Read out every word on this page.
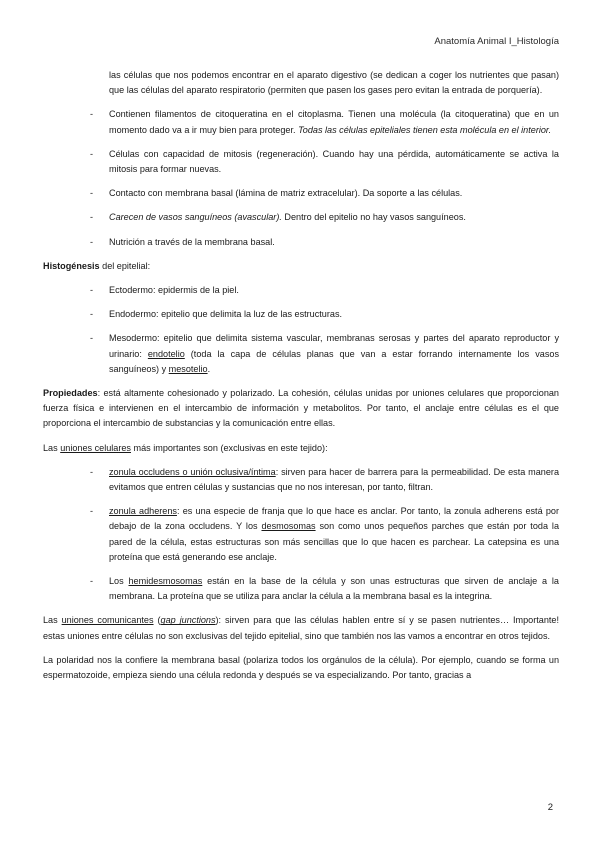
Anatomía Animal I_Histología

las células que nos podemos encontrar en el aparato digestivo (se dedican a coger los nutrientes que pasan) que las células del aparato respiratorio (permiten que pasen los gases pero evitan la entrada de porquería).

- Contienen filamentos de citoqueratina en el citoplasma. Tienen una molécula (la citoqueratina) que en un momento dado va a ir muy bien para proteger. Todas las células epiteliales tienen esta molécula en el interior.
- Células con capacidad de mitosis (regeneración). Cuando hay una pérdida, automáticamente se activa la mitosis para formar nuevas.
- Contacto con membrana basal (lámina de matriz extracelular). Da soporte a las células.
- Carecen de vasos sanguíneos (avascular). Dentro del epitelio no hay vasos sanguíneos.
- Nutrición a través de la membrana basal.

Histogénesis del epitelial:

- Ectodermo: epidermis de la piel.
- Endodermo: epitelio que delimita la luz de las estructuras.
- Mesodermo: epitelio que delimita sistema vascular, membranas serosas y partes del aparato reproductor y urinario: endotelio (toda la capa de células planas que van a estar forrando internamente los vasos sanguíneos) y mesotelio.

Propiedades: está altamente cohesionado y polarizado. La cohesión, células unidas por uniones celulares que proporcionan fuerza física e intervienen en el intercambio de información y metabolitos. Por tanto, el anclaje entre células es el que proporciona el intercambio de substancias y la comunicación entre ellas.

Las uniones celulares más importantes son (exclusivas en este tejido):

- zonula occludens o unión oclusiva/íntima: sirven para hacer de barrera para la permeabilidad. De esta manera evitamos que entren células y sustancias que no nos interesan, por tanto, filtran.
- zonula adherens: es una especie de franja que lo que hace es anclar. Por tanto, la zonula adherens está por debajo de la zona occludens. Y los desmosomas son como unos pequeños parches que están por toda la pared de la célula, estas estructuras son más sencillas que lo que hacen es parchear. La catepsina es una proteína que está generando ese anclaje.
- Los hemidesmosomas están en la base de la célula y son unas estructuras que sirven de anclaje a la membrana. La proteína que se utiliza para anclar la célula a la membrana basal es la integrina.

Las uniones comunicantes (gap junctions): sirven para que las células hablen entre sí y se pasen nutrientes… Importante! estas uniones entre células no son exclusivas del tejido epitelial, sino que también nos las vamos a encontrar en otros tejidos.

La polaridad nos la confiere la membrana basal (polariza todos los orgánulos de la célula). Por ejemplo, cuando se forma un espermatozoide, empieza siendo una célula redonda y después se va especializando. Por tanto, gracias a

2
